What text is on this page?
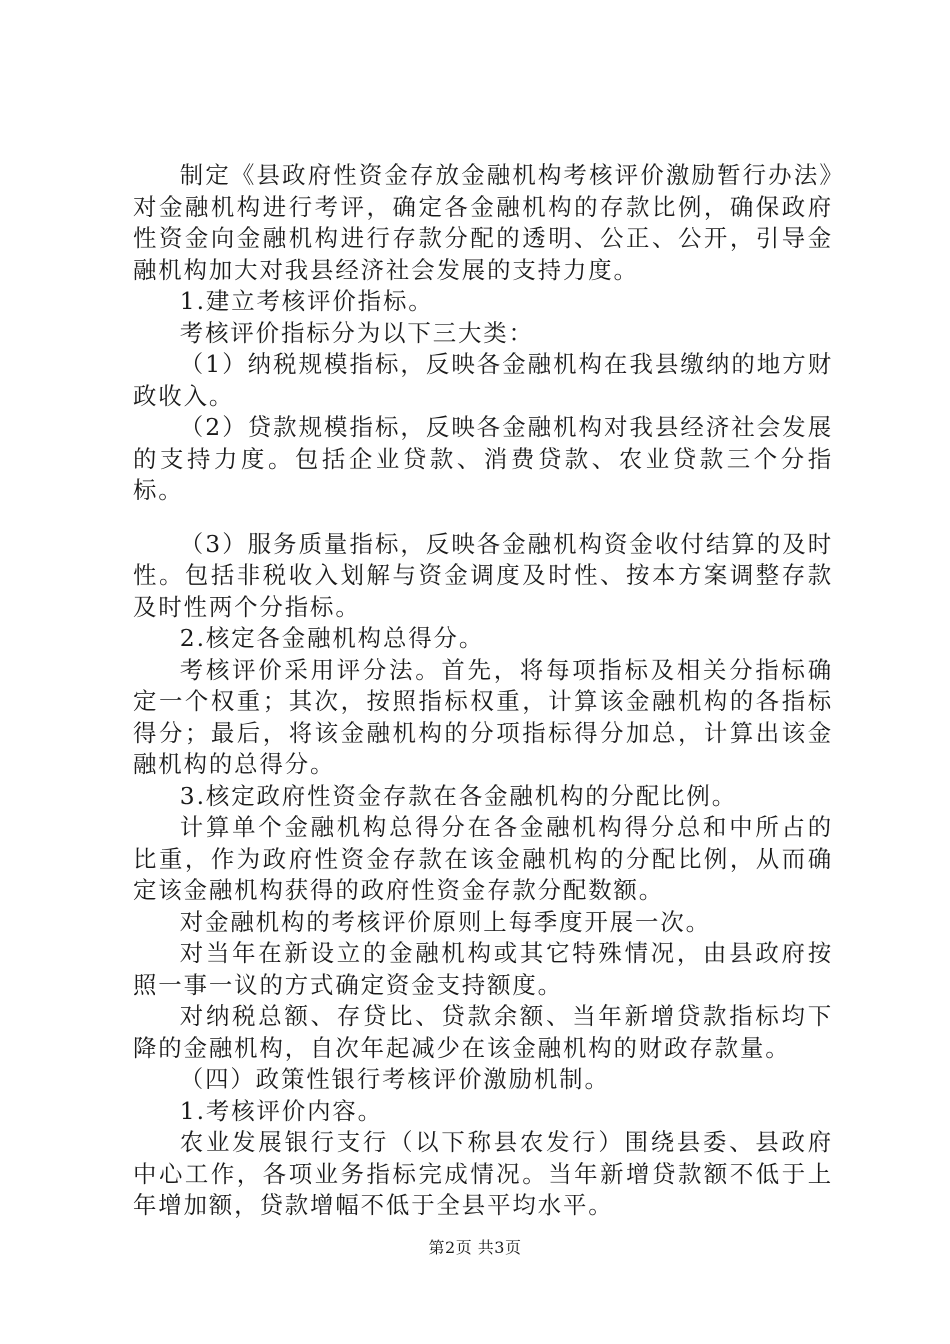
制定《县政府性资金存放金融机构考核评价激励暂行办法》对金融机构进行考评，确定各金融机构的存款比例，确保政府性资金向金融机构进行存款分配的透明、公正、公开，引导金融机构加大对我县经济社会发展的支持力度。

1.建立考核评价指标。

考核评价指标分为以下三大类：

（1）纳税规模指标，反映各金融机构在我县缴纳的地方财政收入。

（2）贷款规模指标，反映各金融机构对我县经济社会发展的支持力度。包括企业贷款、消费贷款、农业贷款三个分指标。

（3）服务质量指标，反映各金融机构资金收付结算的及时性。包括非税收入划解与资金调度及时性、按本方案调整存款及时性两个分指标。

2.核定各金融机构总得分。

考核评价采用评分法。首先，将每项指标及相关分指标确定一个权重；其次，按照指标权重，计算该金融机构的各指标得分；最后，将该金融机构的分项指标得分加总，计算出该金融机构的总得分。

3.核定政府性资金存款在各金融机构的分配比例。

计算单个金融机构总得分在各金融机构得分总和中所占的比重，作为政府性资金存款在该金融机构的分配比例，从而确定该金融机构获得的政府性资金存款分配数额。

对金融机构的考核评价原则上每季度开展一次。

对当年在新设立的金融机构或其它特殊情况，由县政府按照一事一议的方式确定资金支持额度。

对纳税总额、存贷比、贷款余额、当年新增贷款指标均下降的金融机构，自次年起减少在该金融机构的财政存款量。

（四）政策性银行考核评价激励机制。

1.考核评价内容。

农业发展银行支行（以下称县农发行）围绕县委、县政府中心工作，各项业务指标完成情况。当年新增贷款额不低于上年增加额，贷款增幅不低于全县平均水平。

第2页 共3页
